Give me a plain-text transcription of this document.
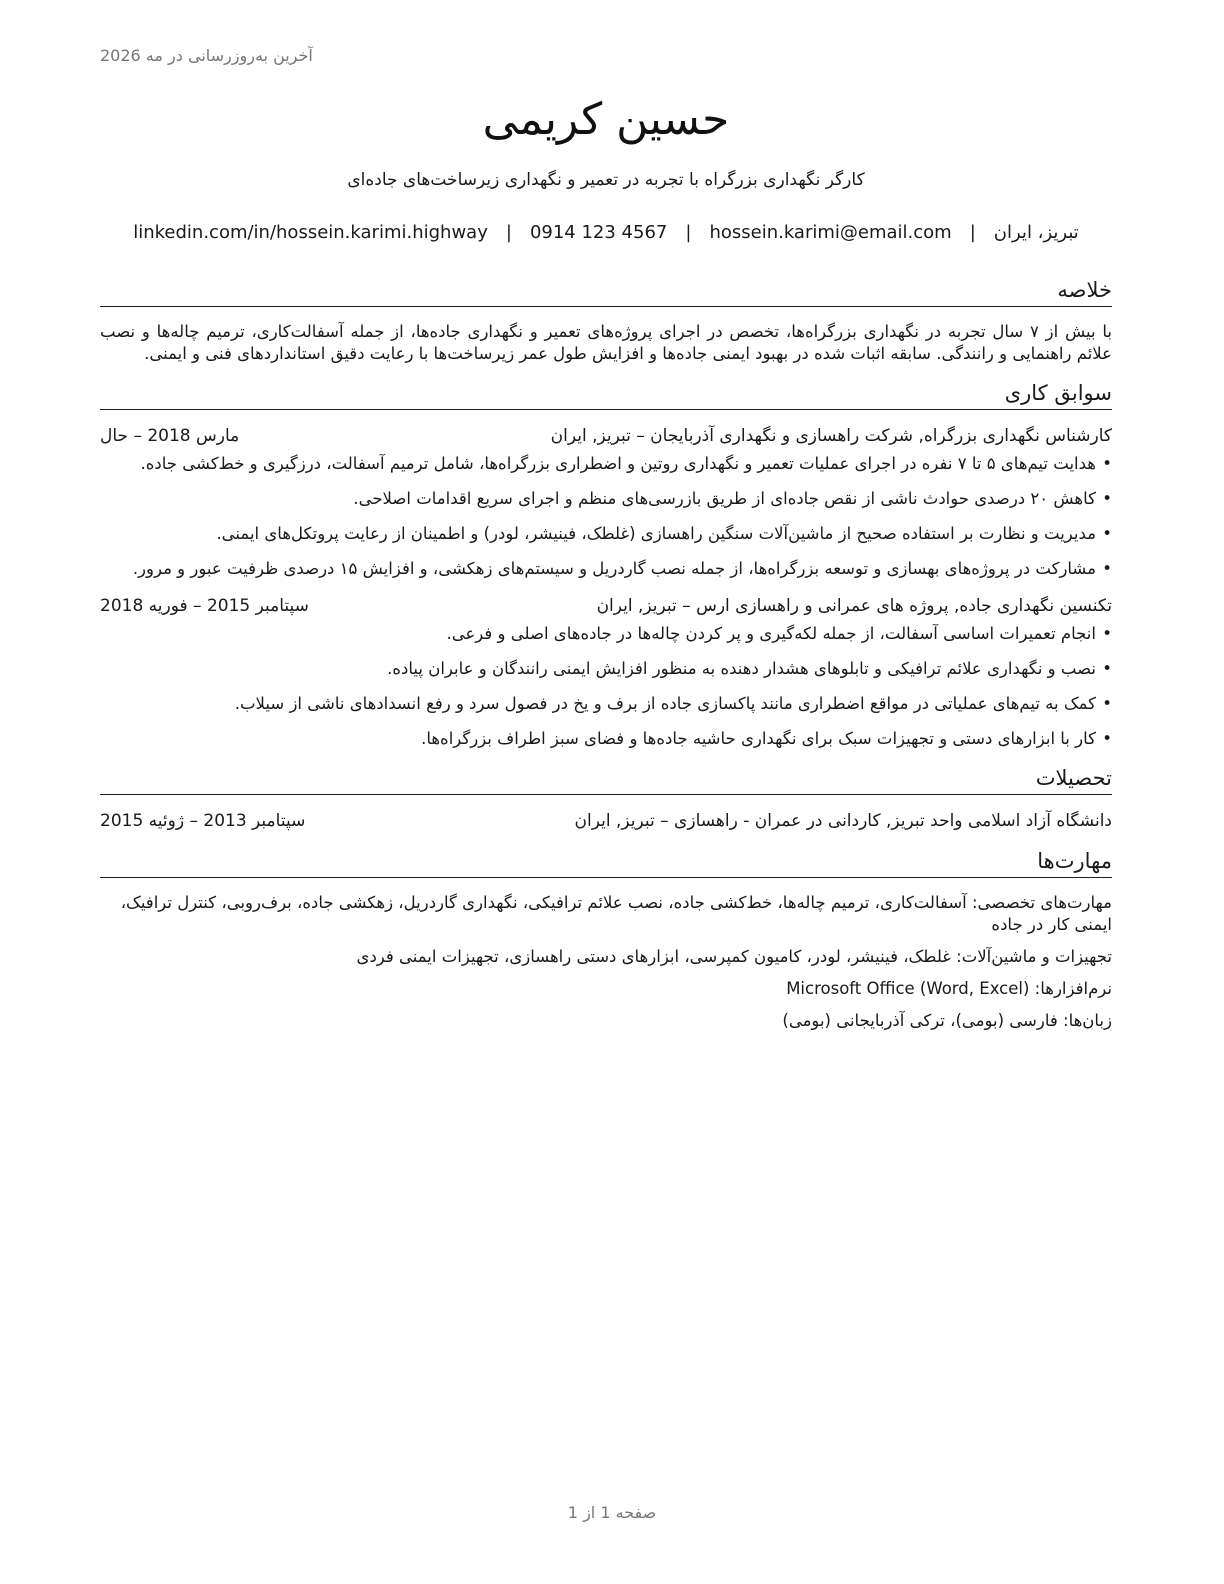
آخرین به‌روزرسانی در مه 2026
حسین کریمی
کارگر نگهداری بزرگراه با تجربه در تعمیر و نگهداری زیرساخت‌های جاده‌ای
تبریز، ایران
|
hossein.karimi@email.com
|
0914 123 4567
|
linkedin.com/in/hossein.karimi.highway
خلاصه
با بیش از ۷ سال تجربه در نگهداری بزرگراه‌ها، تخصص در اجرای پروژه‌های تعمیر و نگهداری جاده‌ها، از جمله آسفالت‌کاری، ترمیم چاله‌ها و نصب علائم راهنمایی و رانندگی. سابقه اثبات شده در بهبود ایمنی جاده‌ها و افزایش طول عمر زیرساخت‌ها با رعایت دقیق استانداردهای فنی و ایمنی.
سوابق کاری
کارشناس نگهداری بزرگراه, شرکت راهسازی و نگهداری آذربایجان – تبریز, ایران
مارس 2018 – حال
•
هدایت تیم‌های ۵ تا ۷ نفره در اجرای عملیات تعمیر و نگهداری روتین و اضطراری بزرگراه‌ها، شامل ترمیم آسفالت، درزگیری و خط‌کشی جاده.
•
کاهش ۲۰ درصدی حوادث ناشی از نقص جاده‌ای از طریق بازرسی‌های منظم و اجرای سریع اقدامات اصلاحی.
•
مدیریت و نظارت بر استفاده صحیح از ماشین‌آلات سنگین راهسازی (غلطک، فینیشر، لودر) و اطمینان از رعایت پروتکل‌های ایمنی.
•
مشارکت در پروژه‌های بهسازی و توسعه بزرگراه‌ها، از جمله نصب گاردریل و سیستم‌های زهکشی، و افزایش ۱۵ درصدی ظرفیت عبور و مرور.
تکنسین نگهداری جاده, پروژه های عمرانی و راهسازی ارس – تبریز, ایران
سپتامبر 2015 – فوریه 2018
•
انجام تعمیرات اساسی آسفالت، از جمله لکه‌گیری و پر کردن چاله‌ها در جاده‌های اصلی و فرعی.
•
نصب و نگهداری علائم ترافیکی و تابلوهای هشدار دهنده به منظور افزایش ایمنی رانندگان و عابران پیاده.
•
کمک به تیم‌های عملیاتی در مواقع اضطراری مانند پاکسازی جاده از برف و یخ در فصول سرد و رفع انسدادهای ناشی از سیلاب.
•
کار با ابزارهای دستی و تجهیزات سبک برای نگهداری حاشیه جاده‌ها و فضای سبز اطراف بزرگراه‌ها.
تحصیلات
دانشگاه آزاد اسلامی واحد تبریز, کاردانی در عمران - راهسازی – تبریز, ایران
سپتامبر 2013 – ژوئیه 2015
مهارت‌ها
مهارت‌های تخصصی: آسفالت‌کاری، ترمیم چاله‌ها، خط‌کشی جاده، نصب علائم ترافیکی، نگهداری گاردریل، زهکشی جاده، برف‌روبی، کنترل ترافیک، ایمنی کار در جاده
تجهیزات و ماشین‌آلات: غلطک، فینیشر، لودر، کامیون کمپرسی، ابزارهای دستی راهسازی، تجهیزات ایمنی فردی
نرم‌افزارها: Microsoft Office (Word, Excel)
زبان‌ها: فارسی (بومی)، ترکی آذربایجانی (بومی)
صفحه 1 از 1
